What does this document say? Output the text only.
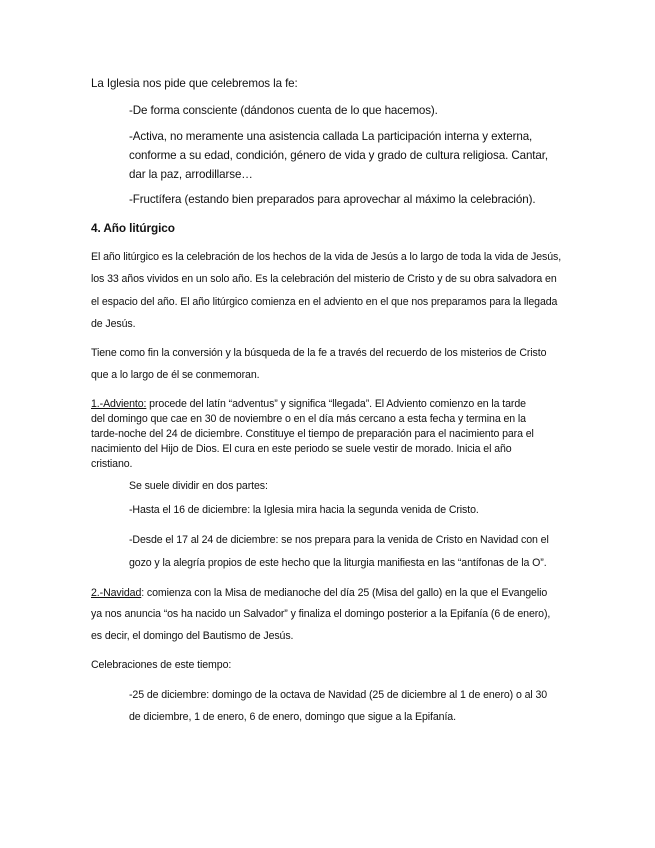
La Iglesia nos pide que celebremos la fe:
-De forma consciente (dándonos cuenta de lo que hacemos).
-Activa, no meramente una asistencia callada La participación interna y externa,
conforme a su edad, condición, género de vida y grado de cultura religiosa. Cantar,
dar la paz, arrodillarse…
-Fructífera (estando bien preparados para aprovechar al máximo la celebración).
4. Año litúrgico
El año litúrgico es la celebración de los hechos de la vida de Jesús a lo largo de toda la vida de Jesús,
los 33 años vividos en un solo año. Es la celebración del misterio de Cristo y de su obra salvadora en
el espacio del año. El año litúrgico comienza en el adviento en el que nos preparamos para la llegada
de Jesús.
Tiene como fin la conversión y la búsqueda de la fe a través del recuerdo de los misterios de Cristo
que a lo largo de él se conmemoran.
1.-Adviento: procede del latín “adventus” y significa “llegada”. El Adviento comienzo en la tarde
del domingo que cae en 30 de noviembre o en el día más cercano a esta fecha y termina en la
tarde-noche del 24 de diciembre. Constituye el tiempo de preparación para el nacimiento para el
nacimiento del Hijo de Dios. El cura en este periodo se suele vestir de morado. Inicia el año
cristiano.
Se suele dividir en dos partes:
-Hasta el 16 de diciembre: la Iglesia mira hacia la segunda venida de Cristo.
-Desde el 17 al 24 de diciembre: se nos prepara para la venida de Cristo en Navidad con el
gozo y la alegría propios de este hecho que la liturgia manifiesta en las “antífonas de la O”.
2.-Navidad: comienza con la Misa de medianoche del día 25 (Misa del gallo) en la que el Evangelio
ya nos anuncia “os ha nacido un Salvador” y finaliza el domingo posterior a la Epifanía (6 de enero),
es decir, el domingo del Bautismo de Jesús.
Celebraciones de este tiempo:
-25 de diciembre: domingo de la octava de Navidad (25 de diciembre al 1 de enero) o al 30
de diciembre, 1 de enero, 6 de enero, domingo que sigue a la Epifanía.
